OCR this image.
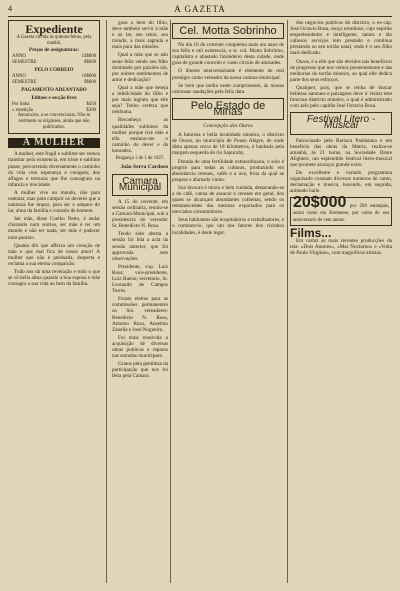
4	A GAZETA
Expediente
A Gazeta circula às quintas-feiras, pela manhã.
Preços de assignaturas:
ANNO	14$000
SEMESTRE	8$000
PELO CORREIO
ANNO	16$000
SEMESTRE	9$000
PAGAMENTO ADEANTADO
Editaes e secção livre
Por linha	$450
» repetição	$300
Annuncios, a se convencionar. Não se restituem os originaes, ainda que não publicados.
A MULHER

A mulher, este fragil e sublime ser vemos transitar pela existencia, em triste e sublime phase, percorrendo diversamente o caminho da vida com esperança e coragem; dos affagos e ternuras que lhe consagram na infancia e mocidade.

A mulher vive no mundo, não para ostentar, mas para cumprir os deveres que a natureza lhe impoz, para ser o amparo do lar, alma da familia e consolo do homem.

Ser mãe, disse Coelho Netto, é andar chorando num sorriso, ser mãe é ter um mundo e não ter nada, ser mãe é padecer num paraizo.

Quanta dôr que affecta um coração de mãe e que mal fica de nosso amor! A mulher que não é perdoada, desperta e reclama a sua eterna compaixão.

Tudo nos dá uma revelação e tudo o que se vê bella alma quando a boa esposa e mãe consagra a sua vida ao bem da familia.

gosa o bem do filho, deve tambem servir á mãe e ao lar, seu reino, seu mundo, a mais sagrada e mais pura das missões.

Qual a mãe que se não sente feliz vendo seu filho dominado por paixões sãs, por nobres sentimentos de amor e dedicação?

Qual a mãe que deseja a infelicidade do filho e por mais ingrato que elle seja? Tenho certeza que nenhuma.

Reconheço as qualidades sublimes da mulher porque tive mãe e ella ensinou-me o caminho do dever e da honradez.

Bragança 1 de 1 de 1927.
João Serra Cardoso
Camara Municipal

A 15 do corrente, em sessão ordinaria, reuniu-se a Camara Municipal, sob a presidencia do vereador Sr. Benedicto N. Rosa.

Tendo sido aberta a sessão foi lida a acta da sessão anterior, que foi approvada sem observações.

Presidente, exp. Luiz Rosa; vice-presidente, Luiz Bueno; secretario, Sr. Leonardo de Campos Torres.

Foram eleitos para as commissões permanentes os Srs. vereadores: Benedicto N. Rosa, Antonio Rosa, Anselmo Zanella e José Nogueira.

Foi mais resolvida a acquisição de diversas obras publicas e reparos nas estradas municipaes.

Gratos pela gentileza da participação que nos foi feita pela Camara.

Cel. Motta Sobrinho

No dia 16 do corrente completou mais um anno de sua feliz e util existencia, o sr. col. Motta Sobrinho, capitalista e abastado fazendeiro desta cidade, onde gosa de grande conceito e vasto circulo de amisades.

O illustre anniversariante é elemento de real prestigio como vereador da nossa camara municipal.

Se bem que tardia neste cumprimento, ás nossas calorosas saudações pela feliz data.

Pelo Estado de Minas
Concepção dos Ouros

A futurosa e bella localidade mineira, o districto de Ouros, no municipio de Pouso Alegre, de onde dista apenas cerca de 18 kilometros, é banhada pela margem esquerda do rio Sapucahy.

Dotada de uma fertilidade extraordinaria, o solo é proprio para todas as culturas, produzindo em abundancia cereaes, cafés e a uva, fruta da qual se prepara o afamado vinho.

Sua lavoura é mixta e bem cuidada, destacando-se a do café, canna de assucar e cereaes em geral, dos quaes se alcançam abundantes colheitas, sendo os remanescentes das mesmas exportados para os mercados consumidores.

Seus habitantes são hospitaleiros e trabalhadores, e o commercio, que um dos fatores dos vizinhos localidades, é deste logar.

dos negocios publicos do districto, o ex-cap. José Octavio Rosa, moço estudioso, cujo espirito emprehendedor e intelligente, tantos e tão valiosos serviços tem prestado e continua prestando ao seu torrão natal, onde é o seu filho mais dedicado.

Ouros, é a elle que são devidos tais benefícios de progresso que nos vemos presentemente e das melhorias do torrão mineiro, ao qual elle dedica parte dos seus esforços.

Qualquer, pois, que se tenha de buscar bellezas naturaes e paizagens deve ir visitar este futuroso districto mineiro, o qual é administrado com zelo pelo capitão José Octavio Rosa.

Festival Litero - Musical

Patrocinado pela Barraca Paulistana e em beneficio das obras da Matriz, realiza-se amanhã, ás 21 horas, na Sociedade Dante Alighieri, um esplendido festival litero-musical que promete alcançar grande exito.

Do excellente e variado programma organisado constam diversos numeros de canto, declamação e musica, havendo, em seguida, animado baile.

20$000 por 200 estampas, assim como em Kermesse, por conta do seu anniversario de cem annos.
Films...

Em cartaz as mais recentes producções da tela: «Dois Amores», «Mar Nocturno» e «Volta de Paulo Virginio», com magnificos artistas.
